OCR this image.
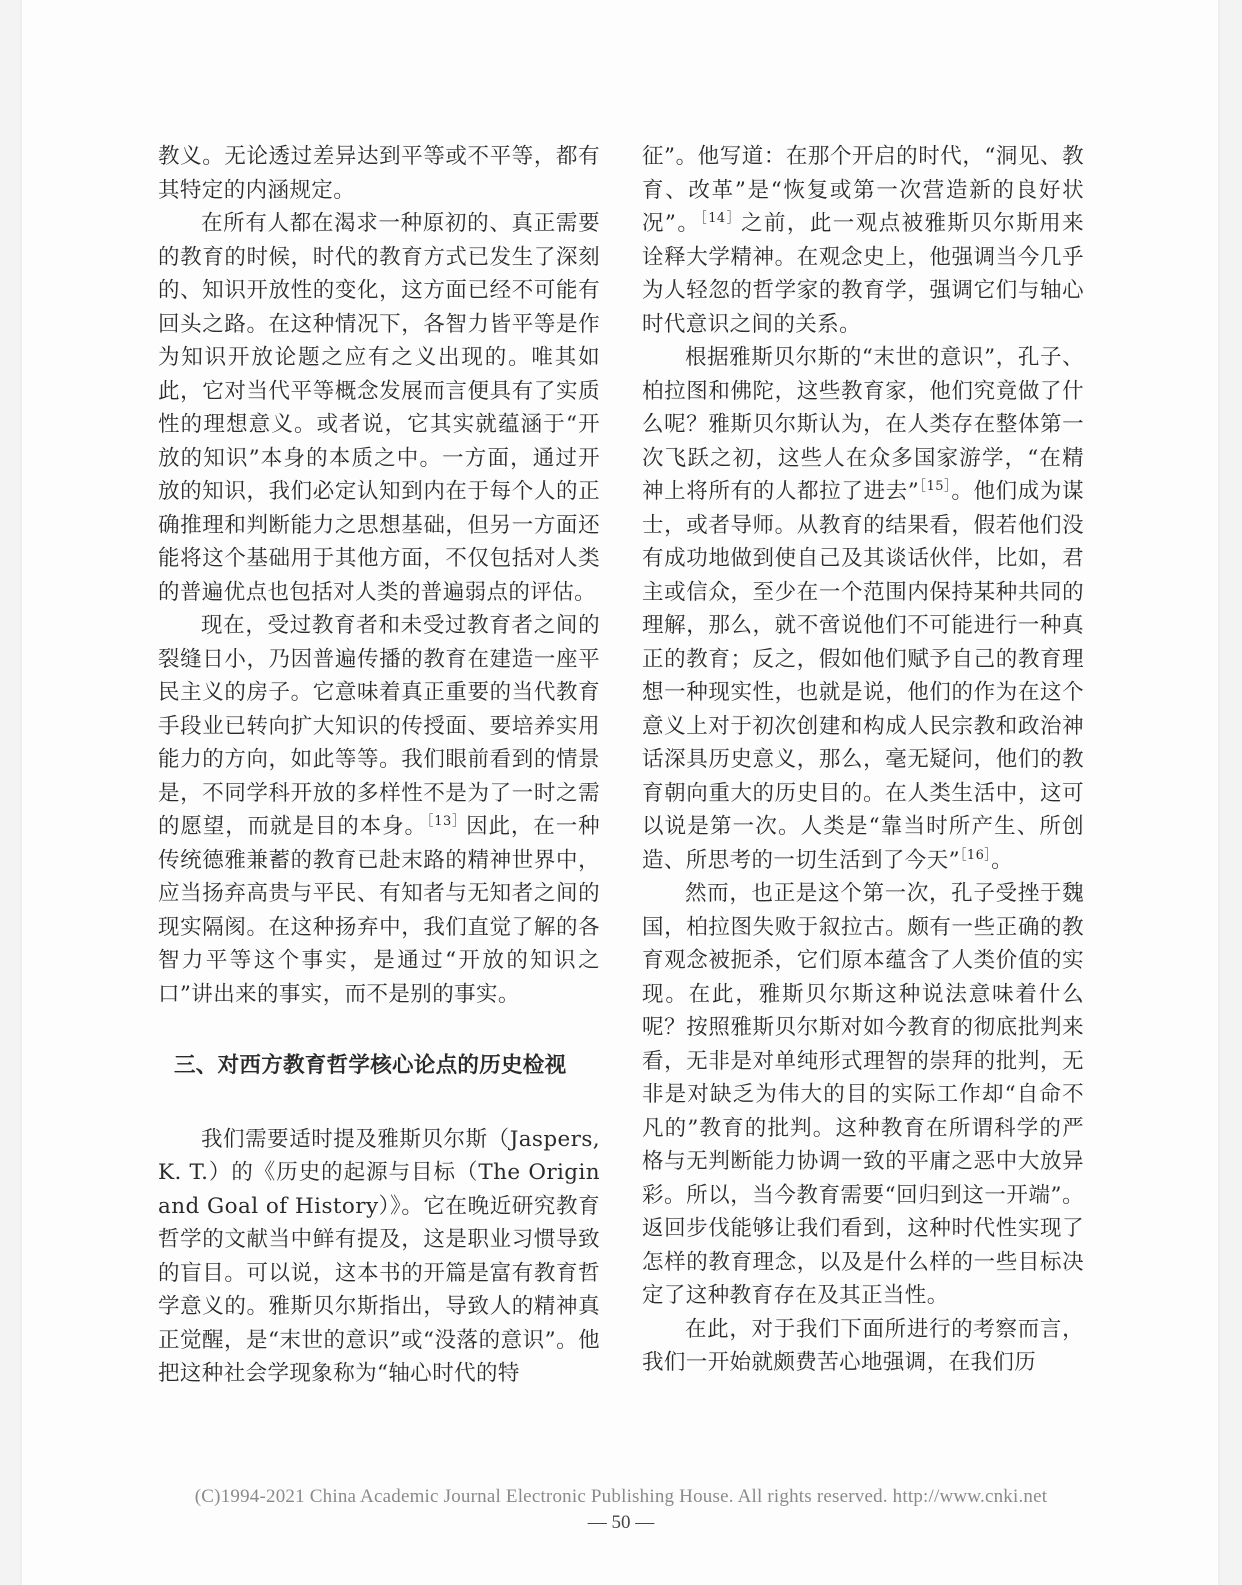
教义。无论透过差异达到平等或不平等，都有其特定的内涵规定。

在所有人都在渴求一种原初的、真正需要的教育的时候，时代的教育方式已发生了深刻的、知识开放性的变化，这方面已经不可能有回头之路。在这种情况下，各智力皆平等是作为知识开放论题之应有之义出现的。唯其如此，它对当代平等概念发展而言便具有了实质性的理想意义。或者说，它其实就蕴涵于“开放的知识”本身的本质之中。一方面，通过开放的知识，我们必定认知到内在于每个人的正确推理和判断能力之思想基础，但另一方面还能将这个基础用于其他方面，不仅包括对人类的普遍优点也包括对人类的普遍弱点的评估。

现在，受过教育者和未受过教育者之间的裂缝日小，乃因普遍传播的教育在建造一座平民主义的房子。它意味着真正重要的当代教育手段业已转向扩大知识的传授面、要培养实用能力的方向，如此等等。我们眼前看到的情景是，不同学科开放的多样性不是为了一时之需的愿望，而就是目的本身。$^{[13]}$因此，在一种传统德雅兼蓄的教育已赴末路的精神世界中，应当扬弃高贵与平民、有知者与无知者之间的现实隔阂。在这种扬弃中，我们直觉了解的各智力平等这个事实，是通过“开放的知识之口”讲出来的事实，而不是别的事实。

三、对西方教育哲学核心论点的历史检视

我们需要适时提及雅斯贝尔斯（Jaspers, K. T.）的《历史的起源与目标（The Origin and Goal of History）》。它在晚近研究教育哲学的文献当中鲜有提及，这是职业习惯导致的盲目。可以说，这本书的开篇是富有教育哲学意义的。雅斯贝尔斯指出，导致人的精神真正觉醒，是“末世的意识”或“没落的意识”。他把这种社会学现象称为“轴心时代的特

征”。他写道：在那个开启的时代，“洞见、教育、改革”是“恢复或第一次营造新的良好状况”。$^{[14]}$之前，此一观点被雅斯贝尔斯用来诠释大学精神。在观念史上，他强调当今几乎为人轻忽的哲学家的教育学，强调它们与轴心时代意识之间的关系。

根据雅斯贝尔斯的“末世的意识”，孔子、柏拉图和佛陀，这些教育家，他们究竟做了什么呢？雅斯贝尔斯认为，在人类存在整体第一次飞跃之初，这些人在众多国家游学，“在精神上将所有的人都拉了进去”$^{[15]}$。他们成为谋士，或者导师。从教育的结果看，假若他们没有成功地做到使自己及其谈话伙伴，比如，君主或信众，至少在一个范围内保持某种共同的理解，那么，就不啻说他们不可能进行一种真正的教育；反之，假如他们赋予自己的教育理想一种现实性，也就是说，他们的作为在这个意义上对于初次创建和构成人民宗教和政治神话深具历史意义，那么，毫无疑问，他们的教育朝向重大的历史目的。在人类生活中，这可以说是第一次。人类是“靠当时所产生、所创造、所思考的一切生活到了今天”$^{[16]}$。

然而，也正是这个第一次，孔子受挫于魏国，柏拉图失败于叙拉古。颇有一些正确的教育观念被扼杀，它们原本蕴含了人类价值的实现。在此，雅斯贝尔斯这种说法意味着什么呢？按照雅斯贝尔斯对如今教育的彻底批判来看，无非是对单纯形式理智的崇拜的批判，无非是对缺乏为伟大的目的实际工作却“自命不凡的”教育的批判。这种教育在所谓科学的严格与无判断能力协调一致的平庸之恶中大放异彩。所以，当今教育需要“回归到这一开端”。返回步伐能够让我们看到，这种时代性实现了怎样的教育理念，以及是什么样的一些目标决定了这种教育存在及其正当性。

在此，对于我们下面所进行的考察而言，我们一开始就颇费苦心地强调，在我们历

(C)1994-2021 China Academic Journal Electronic Publishing House. All rights reserved. http://www.cnki.net
— 50 —
